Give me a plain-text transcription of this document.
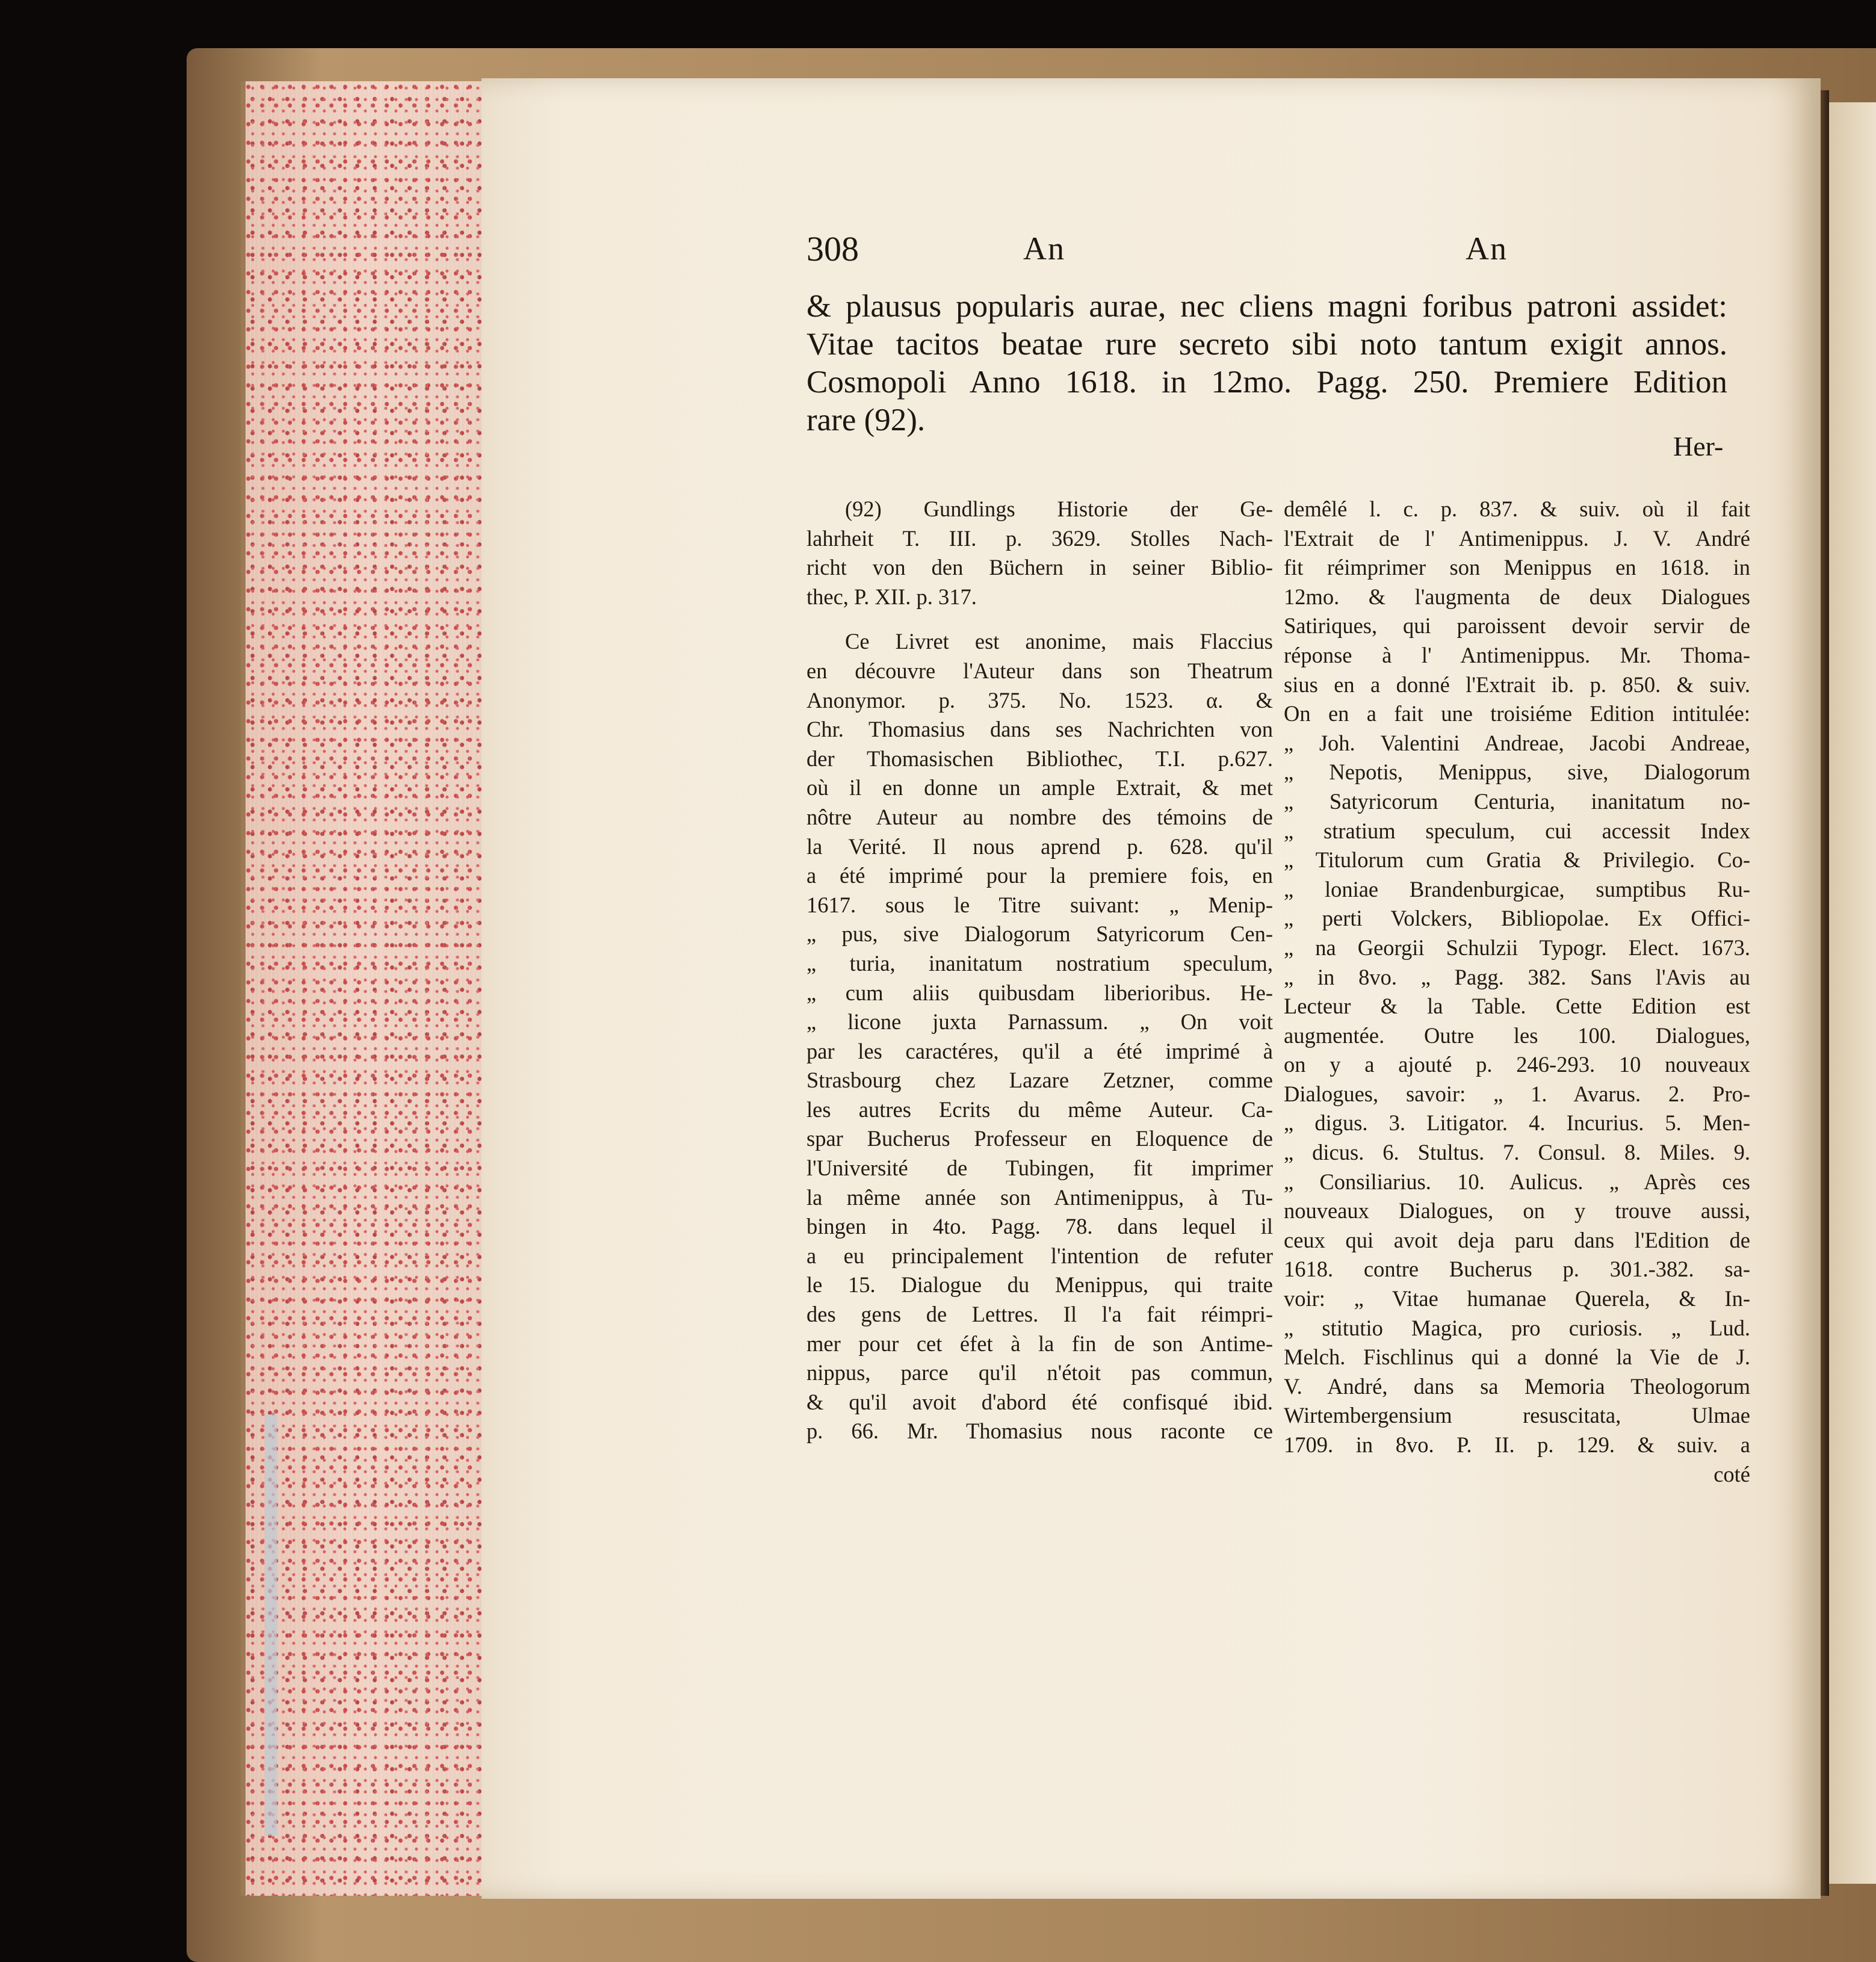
308	An	An
& plausus popularis aurae, nec cliens magni foribus patroni assidet:
Vitae tacitos beatae rure secreto sibi noto tantum exigit annos.
Cosmopoli Anno 1618. in 12mo. Pagg. 250. Premiere Edition
rare (92).
Her-
(92) Gundlings Historie der Ge-
lahrheit T. III. p. 3629. Stolles Nach-
richt von den Büchern in seiner Biblio-
thec, P. XII. p. 317.
Ce Livret est anonime, mais Flaccius
en découvre l'Auteur dans son Theatrum
Anonymor. p. 375. No. 1523. α. &
Chr. Thomasius dans ses Nachrichten von
der Thomasischen Bibliothec, T.I. p.627.
où il en donne un ample Extrait, & met
nôtre Auteur au nombre des témoins de
la Verité. Il nous aprend p. 628. qu'il
a été imprimé pour la premiere fois, en
1617. sous le Titre suivant: „ Menip-
„ pus, sive Dialogorum Satyricorum Cen-
„ turia, inanitatum nostratium speculum,
„ cum aliis quibusdam liberioribus. He-
„ licone juxta Parnassum. „ On voit
par les caractéres, qu'il a été imprimé à
Strasbourg chez Lazare Zetzner, comme
les autres Ecrits du même Auteur. Ca-
spar Bucherus Professeur en Eloquence de
l'Université de Tubingen, fit imprimer
la même année son Antimenippus, à Tu-
bingen in 4to. Pagg. 78. dans lequel il
a eu principalement l'intention de refuter
le 15. Dialogue du Menippus, qui traite
des gens de Lettres. Il l'a fait réimpri-
mer pour cet éfet à la fin de son Antime-
nippus, parce qu'il n'étoit pas commun,
& qu'il avoit d'abord été confisqué ibid.
p. 66. Mr. Thomasius nous raconte ce
demêlé l. c. p. 837. & suiv. où il fait
l'Extrait de l' Antimenippus. J. V. André
fit réimprimer son Menippus en 1618. in
12mo. & l'augmenta de deux Dialogues
Satiriques, qui paroissent devoir servir de
réponse à l' Antimenippus. Mr. Thoma-
sius en a donné l'Extrait ib. p. 850. & suiv.
On en a fait une troisiéme Edition intitulée:
„ Joh. Valentini Andreae, Jacobi Andreae,
„ Nepotis, Menippus, sive, Dialogorum
„ Satyricorum Centuria, inanitatum no-
„ stratium speculum, cui accessit Index
„ Titulorum cum Gratia & Privilegio. Co-
„ loniae Brandenburgicae, sumptibus Ru-
„ perti Volckers, Bibliopolae. Ex Offici-
„ na Georgii Schulzii Typogr. Elect. 1673.
„ in 8vo. „ Pagg. 382. Sans l'Avis au
Lecteur & la Table. Cette Edition est
augmentée. Outre les 100. Dialogues,
on y a ajouté p. 246-293. 10 nouveaux
Dialogues, savoir: „ 1. Avarus. 2. Pro-
„ digus. 3. Litigator. 4. Incurius. 5. Men-
„ dicus. 6. Stultus. 7. Consul. 8. Miles. 9.
„ Consiliarius. 10. Aulicus. „ Après ces
nouveaux Dialogues, on y trouve aussi,
ceux qui avoit deja paru dans l'Edition de
1618. contre Bucherus p. 301.-382. sa-
voir: „ Vitae humanae Querela, & In-
„ stitutio Magica, pro curiosis. „ Lud.
Melch. Fischlinus qui a donné la Vie de J.
V. André, dans sa Memoria Theologorum
Wirtembergensium resuscitata, Ulmae
1709. in 8vo. P. II. p. 129. & suiv. a
coté
